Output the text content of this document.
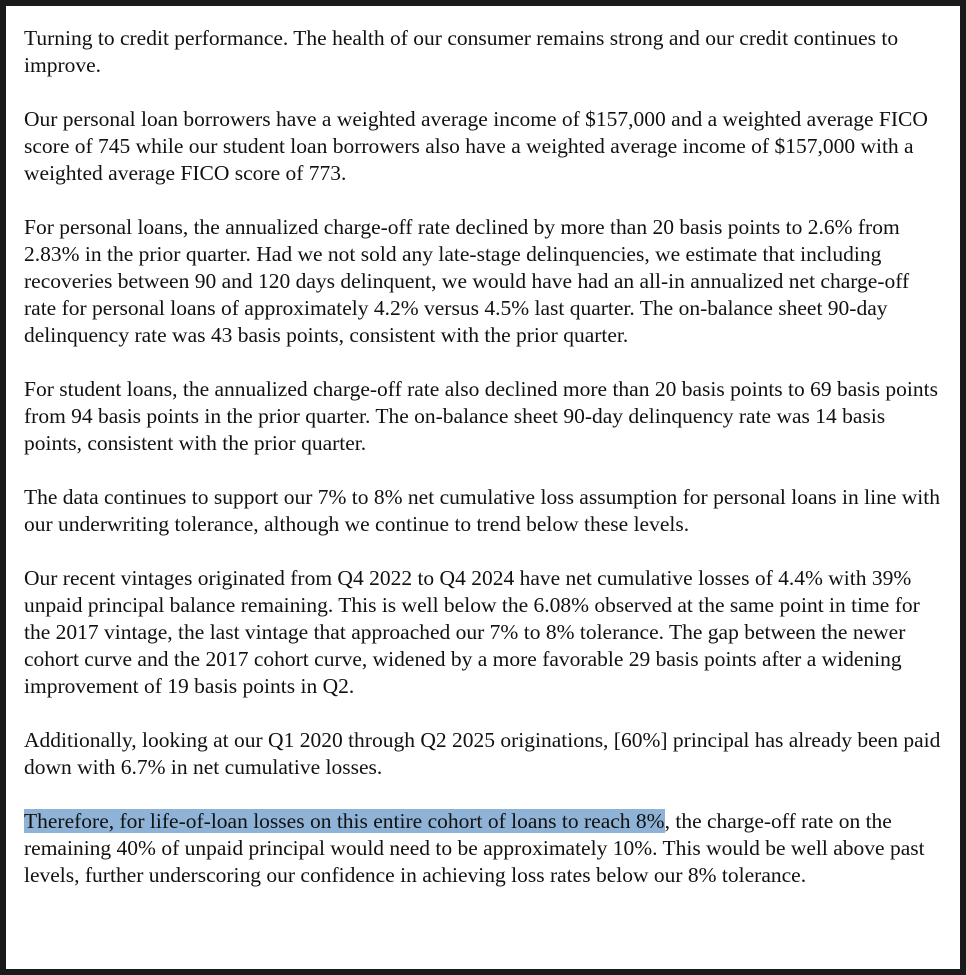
Turning to credit performance. The health of our consumer remains strong and our credit continues to improve.

Our personal loan borrowers have a weighted average income of $157,000 and a weighted average FICO score of 745 while our student loan borrowers also have a weighted average income of $157,000 with a weighted average FICO score of 773.

For personal loans, the annualized charge-off rate declined by more than 20 basis points to 2.6% from 2.83% in the prior quarter. Had we not sold any late-stage delinquencies, we estimate that including recoveries between 90 and 120 days delinquent, we would have had an all-in annualized net charge-off rate for personal loans of approximately 4.2% versus 4.5% last quarter. The on-balance sheet 90-day delinquency rate was 43 basis points, consistent with the prior quarter.

For student loans, the annualized charge-off rate also declined more than 20 basis points to 69 basis points from 94 basis points in the prior quarter. The on-balance sheet 90-day delinquency rate was 14 basis points, consistent with the prior quarter.

The data continues to support our 7% to 8% net cumulative loss assumption for personal loans in line with our underwriting tolerance, although we continue to trend below these levels.

Our recent vintages originated from Q4 2022 to Q4 2024 have net cumulative losses of 4.4% with 39% unpaid principal balance remaining. This is well below the 6.08% observed at the same point in time for the 2017 vintage, the last vintage that approached our 7% to 8% tolerance. The gap between the newer cohort curve and the 2017 cohort curve, widened by a more favorable 29 basis points after a widening improvement of 19 basis points in Q2.

Additionally, looking at our Q1 2020 through Q2 2025 originations, [60%] principal has already been paid down with 6.7% in net cumulative losses.

Therefore, for life-of-loan losses on this entire cohort of loans to reach 8%, the charge-off rate on the remaining 40% of unpaid principal would need to be approximately 10%. This would be well above past levels, further underscoring our confidence in achieving loss rates below our 8% tolerance.
